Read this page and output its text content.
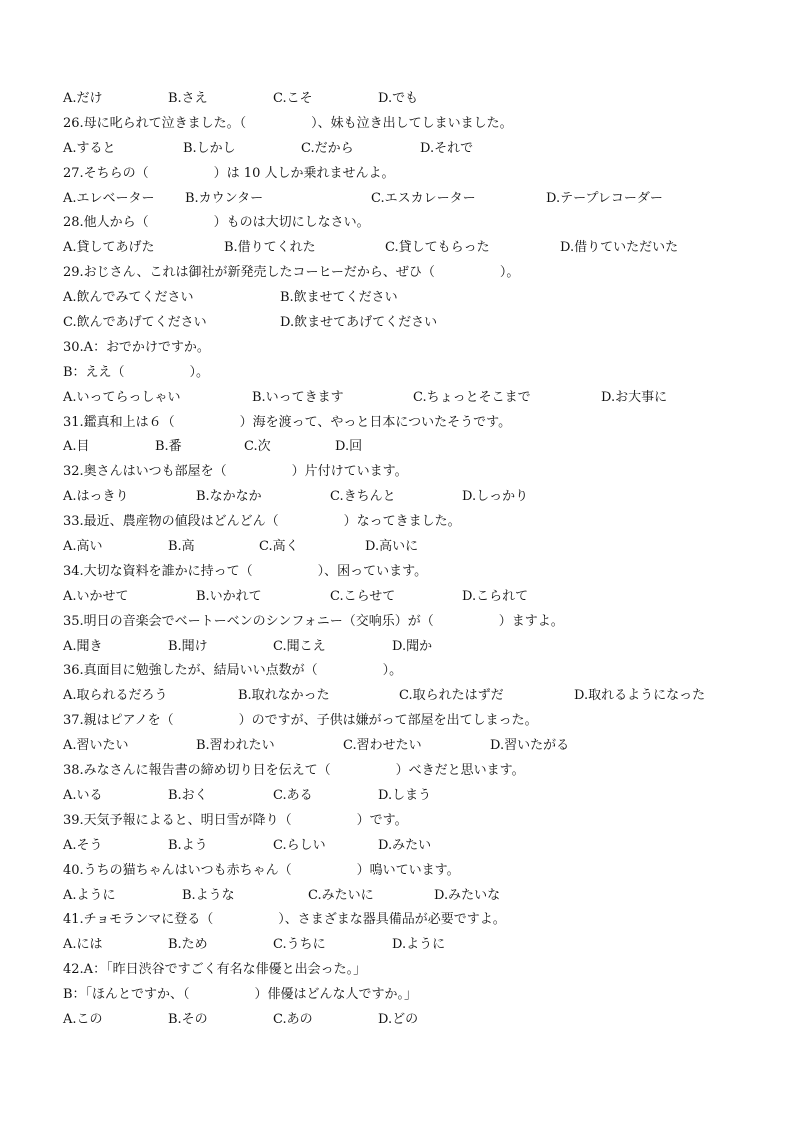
A.だけ	B.さえ	C.こそ	D.でも
26.母に叱られて泣きました。（　　　　　）、妹も泣き出してしまいました。
A.すると	B.しかし	C.だから	D.それで
27.そちらの（　　　　　）は 10 人しか乗れませんよ。
A.エレベーター B.カウンター	C.エスカレーター	D.テープレコーダー
28.他人から（　　　　　）ものは大切にしなさい。
A.貸してあげた	B.借りてくれた	C.貸してもらった	D.借りていただいた
29.おじさん、これは御社が新発売したコーヒーだから、ぜひ（　　　　　）。
A.飲んでみてください	B.飲ませてください
C.飲んであげてください	D.飲ませてあげてください
30.A：おでかけですか。
B：ええ（　　　　　）。
A.いってらっしゃい	B.いってきます	C.ちょっとそこまで	D.お大事に
31.鑑真和上は６（　　　　　）海を渡って、やっと日本についたそうです。
A.目	B.番	C.次	D.回
32.奥さんはいつも部屋を（　　　　　）片付けています。
A.はっきり	B.なかなか	C.きちんと	D.しっかり
33.最近、農産物の値段はどんどん（　　　　　）なってきました。
A.高い	B.高	C.高く	D.高いに
34.大切な資料を誰かに持って（　　　　　）、困っています。
A.いかせて	B.いかれて	C.こらせて	D.こられて
35.明日の音楽会でベートーベンのシンフォニー（交响乐）が（　　　　　）ますよ。
A.聞き	B.聞け	C.聞こえ	D.聞か
36.真面目に勉強したが、結局いい点数が（　　　　　）。
A.取られるだろう	B.取れなかった	C.取られたはずだ	D.取れるようになった
37.親はピアノを（　　　　　）のですが、子供は嫌がって部屋を出てしまった。
A.習いたい	B.習われたい	C.習わせたい	D.習いたがる
38.みなさんに報告書の締め切り日を伝えて（　　　　　）べきだと思います。
A.いる	B.おく	C.ある	D.しまう
39.天気予報によると、明日雪が降り（　　　　　）です。
A.そう	B.よう	C.らしい	D.みたい
40.うちの猫ちゃんはいつも赤ちゃん（　　　　　）鳴いています。
A.ように	B.ような	C.みたいに	D.みたいな
41.チョモランマに登る（　　　　　）、さまざまな器具備品が必要ですよ。
A.には	B.ため	C.うちに	D.ように
42.A：「昨日渋谷ですごく有名な俳優と出会った。」
B：「ほんとですか、（　　　　　）俳優はどんな人ですか。」
A.この	B.その	C.あの	D.どの
